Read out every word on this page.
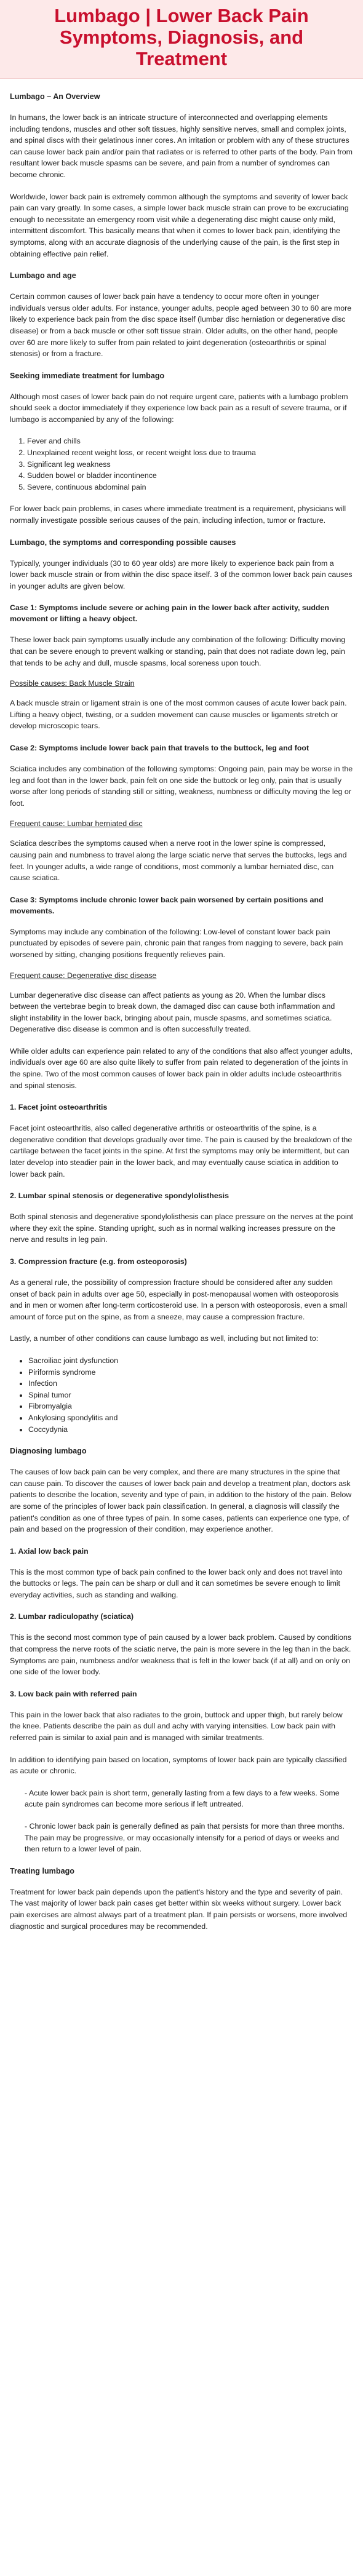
Lumbago | Lower Back Pain Symptoms, Diagnosis, and Treatment
Lumbago – An Overview

In humans, the lower back is an intricate structure of interconnected and overlapping elements including tendons, muscles and other soft tissues, highly sensitive nerves, small and complex joints, and spinal discs with their gelatinous inner cores. An irritation or problem with any of these structures can cause lower back pain and/or pain that radiates or is referred to other parts of the body. Pain from resultant lower back muscle spasms can be severe, and pain from a number of syndromes can become chronic.

Worldwide, lower back pain is extremely common although the symptoms and severity of lower back pain can vary greatly. In some cases, a simple lower back muscle strain can prove to be excruciating enough to necessitate an emergency room visit while a degenerating disc might cause only mild, intermittent discomfort. This basically means that when it comes to lower back pain, identifying the symptoms, along with an accurate diagnosis of the underlying cause of the pain, is the first step in obtaining effective pain relief.

Lumbago and age

Certain common causes of lower back pain have a tendency to occur more often in younger individuals versus older adults. For instance, younger adults, people aged between 30 to 60 are more likely to experience back pain from the disc space itself (lumbar disc herniation or degenerative disc disease) or from a back muscle or other soft tissue strain. Older adults, on the other hand, people over 60 are more likely to suffer from pain related to joint degeneration (osteoarthritis or spinal stenosis) or from a fracture.

Seeking immediate treatment for lumbago

Although most cases of lower back pain do not require urgent care, patients with a lumbago problem should seek a doctor immediately if they experience low back pain as a result of severe trauma, or if lumbago is accompanied by any of the following:

1. Fever and chills
2. Unexplained recent weight loss, or recent weight loss due to trauma
3. Significant leg weakness
4. Sudden bowel or bladder incontinence
5. Severe, continuous abdominal pain

For lower back pain problems, in cases where immediate treatment is a requirement, physicians will normally investigate possible serious causes of the pain, including infection, tumor or fracture.

Lumbago, the symptoms and corresponding possible causes

Typically, younger individuals (30 to 60 year olds) are more likely to experience back pain from a lower back muscle strain or from within the disc space itself. 3 of the common lower back pain causes in younger adults are given below.

Case 1: Symptoms include severe or aching pain in the lower back after activity, sudden movement or lifting a heavy object.

These lower back pain symptoms usually include any combination of the following: Difficulty moving that can be severe enough to prevent walking or standing, pain that does not radiate down leg, pain that tends to be achy and dull, muscle spasms, local soreness upon touch.

Possible causes: Back Muscle Strain

A back muscle strain or ligament strain is one of the most common causes of acute lower back pain. Lifting a heavy object, twisting, or a sudden movement can cause muscles or ligaments stretch or develop microscopic tears.

Case 2: Symptoms include lower back pain that travels to the buttock, leg and foot

Sciatica includes any combination of the following symptoms: Ongoing pain, pain may be worse in the leg and foot than in the lower back, pain felt on one side the buttock or leg only, pain that is usually worse after long periods of standing still or sitting, weakness, numbness or difficulty moving the leg or foot.

Frequent cause: Lumbar herniated disc

Sciatica describes the symptoms caused when a nerve root in the lower spine is compressed, causing pain and numbness to travel along the large sciatic nerve that serves the buttocks, legs and feet. In younger adults, a wide range of conditions, most commonly a lumbar herniated disc, can cause sciatica.

Case 3: Symptoms include chronic lower back pain worsened by certain positions and movements.

Symptoms may include any combination of the following: Low-level of constant lower back pain punctuated by episodes of severe pain, chronic pain that ranges from nagging to severe, back pain worsened by sitting, changing positions frequently relieves pain.

Frequent cause: Degenerative disc disease

Lumbar degenerative disc disease can affect patients as young as 20. When the lumbar discs between the vertebrae begin to break down, the damaged disc can cause both inflammation and slight instability in the lower back, bringing about pain, muscle spasms, and sometimes sciatica. Degenerative disc disease is common and is often successfully treated.

While older adults can experience pain related to any of the conditions that also affect younger adults, individuals over age 60 are also quite likely to suffer from pain related to degeneration of the joints in the spine. Two of the most common causes of lower back pain in older adults include osteoarthritis and spinal stenosis.

1. Facet joint osteoarthritis

Facet joint osteoarthritis, also called degenerative arthritis or osteoarthritis of the spine, is a degenerative condition that develops gradually over time. The pain is caused by the breakdown of the cartilage between the facet joints in the spine. At first the symptoms may only be intermittent, but can later develop into steadier pain in the lower back, and may eventually cause sciatica in addition to lower back pain.

2. Lumbar spinal stenosis or degenerative spondylolisthesis

Both spinal stenosis and degenerative spondylolisthesis can place pressure on the nerves at the point where they exit the spine. Standing upright, such as in normal walking increases pressure on the nerve and results in leg pain.

3. Compression fracture (e.g. from osteoporosis)

As a general rule, the possibility of compression fracture should be considered after any sudden onset of back pain in adults over age 50, especially in post-menopausal women with osteoporosis and in men or women after long-term corticosteroid use. In a person with osteoporosis, even a small amount of force put on the spine, as from a sneeze, may cause a compression fracture.

Lastly, a number of other conditions can cause lumbago as well, including but not limited to:

• Sacroiliac joint dysfunction
• Piriformis syndrome
• Infection
• Spinal tumor
• Fibromyalgia
• Ankylosing spondylitis and
• Coccydynia
Diagnosing lumbago

The causes of low back pain can be very complex, and there are many structures in the spine that can cause pain. To discover the causes of lower back pain and develop a treatment plan, doctors ask patients to describe the location, severity and type of pain, in addition to the history of the pain. Below are some of the principles of lower back pain classification. In general, a diagnosis will classify the patient's condition as one of three types of pain. In some cases, patients can experience one type, of pain and based on the progression of their condition, may experience another.

1. Axial low back pain

This is the most common type of back pain confined to the lower back only and does not travel into the buttocks or legs. The pain can be sharp or dull and it can sometimes be severe enough to limit everyday activities, such as standing and walking.

2. Lumbar radiculopathy (sciatica)

This is the second most common type of pain caused by a lower back problem. Caused by conditions that compress the nerve roots of the sciatic nerve, the pain is more severe in the leg than in the back. Symptoms are pain, numbness and/or weakness that is felt in the lower back (if at all) and on only on one side of the lower body.

3. Low back pain with referred pain

This pain in the lower back that also radiates to the groin, buttock and upper thigh, but rarely below the knee. Patients describe the pain as dull and achy with varying intensities. Low back pain with referred pain is similar to axial pain and is managed with similar treatments.

In addition to identifying pain based on location, symptoms of lower back pain are typically classified as acute or chronic.

- Acute lower back pain is short term, generally lasting from a few days to a few weeks. Some acute pain syndromes can become more serious if left untreated.

- Chronic lower back pain is generally defined as pain that persists for more than three months. The pain may be progressive, or may occasionally intensify for a period of days or weeks and then return to a lower level of pain.

Treating lumbago

Treatment for lower back pain depends upon the patient's history and the type and severity of pain. The vast majority of lower back pain cases get better within six weeks without surgery. Lower back pain exercises are almost always part of a treatment plan. If pain persists or worsens, more involved diagnostic and surgical procedures may be recommended.
